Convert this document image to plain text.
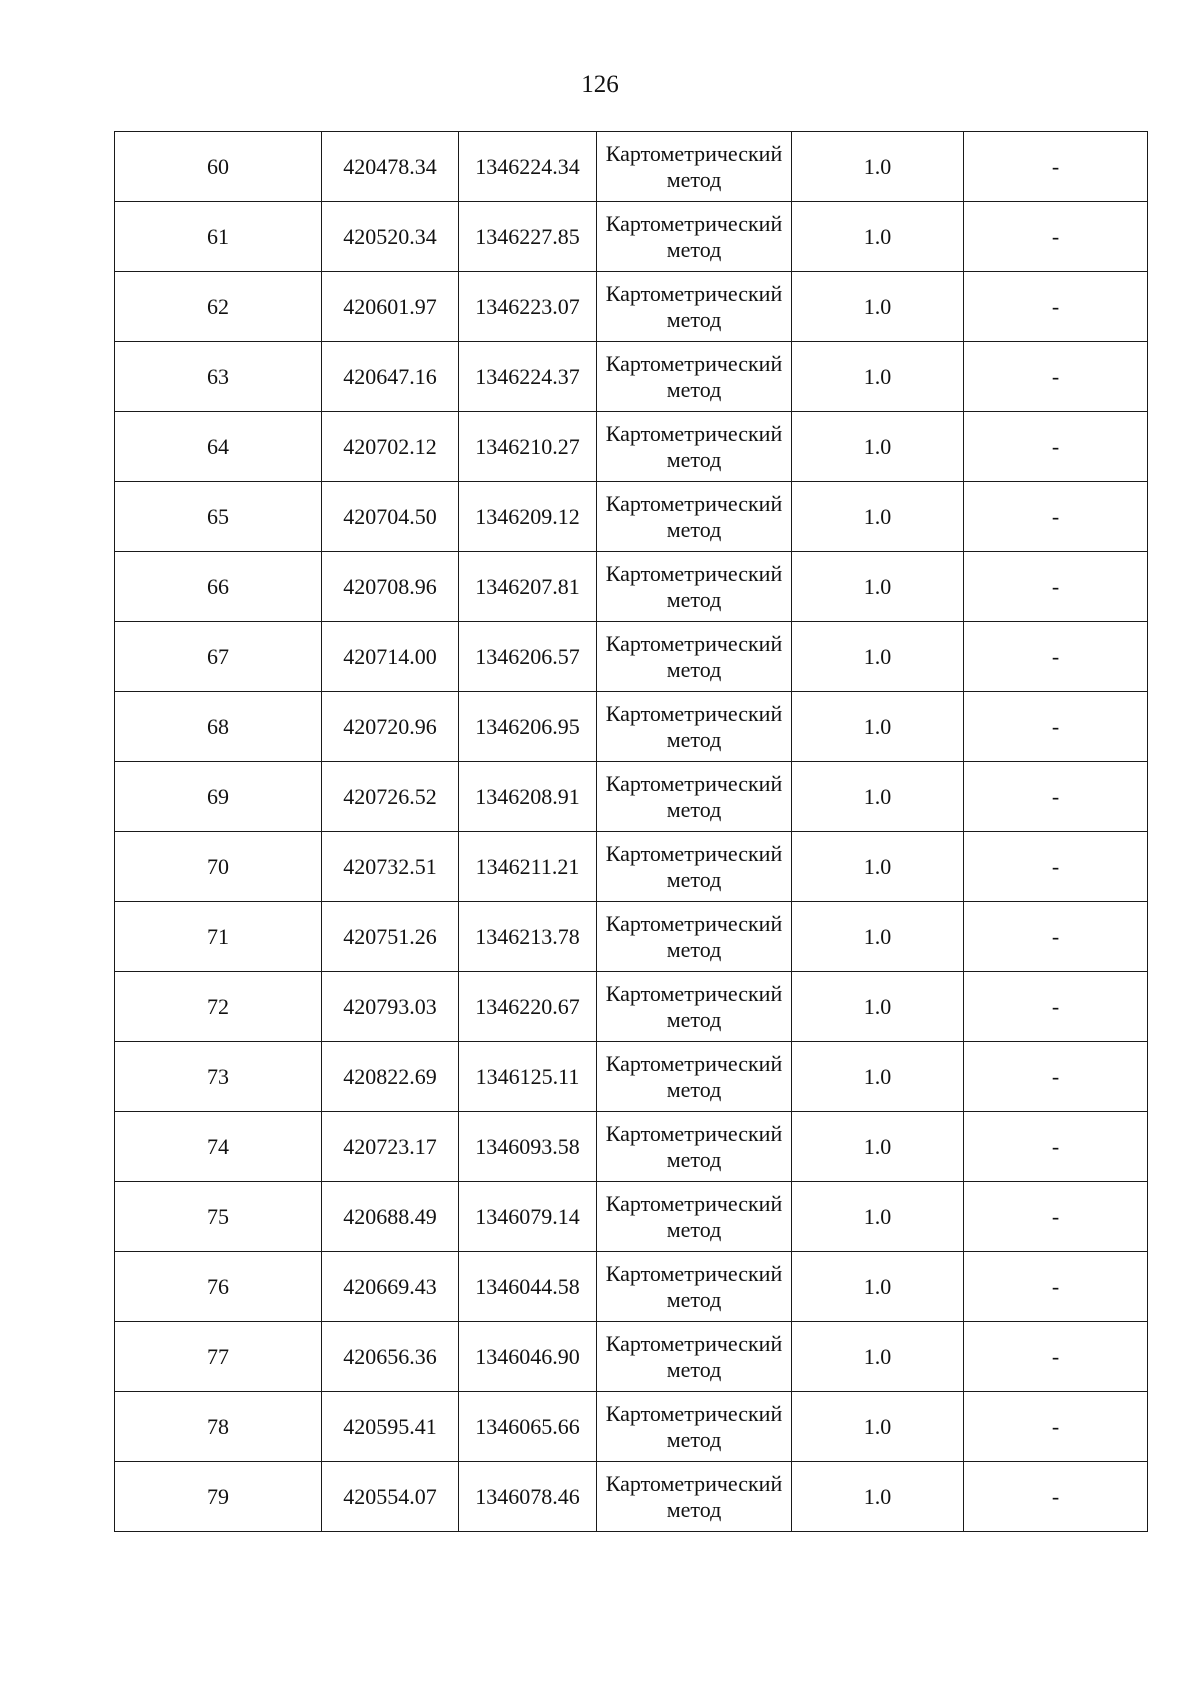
126
60	420478.34	1346224.34	Картометрический метод	1.0	-
61	420520.34	1346227.85	Картометрический метод	1.0	-
62	420601.97	1346223.07	Картометрический метод	1.0	-
63	420647.16	1346224.37	Картометрический метод	1.0	-
64	420702.12	1346210.27	Картометрический метод	1.0	-
65	420704.50	1346209.12	Картометрический метод	1.0	-
66	420708.96	1346207.81	Картометрический метод	1.0	-
67	420714.00	1346206.57	Картометрический метод	1.0	-
68	420720.96	1346206.95	Картометрический метод	1.0	-
69	420726.52	1346208.91	Картометрический метод	1.0	-
70	420732.51	1346211.21	Картометрический метод	1.0	-
71	420751.26	1346213.78	Картометрический метод	1.0	-
72	420793.03	1346220.67	Картометрический метод	1.0	-
73	420822.69	1346125.11	Картометрический метод	1.0	-
74	420723.17	1346093.58	Картометрический метод	1.0	-
75	420688.49	1346079.14	Картометрический метод	1.0	-
76	420669.43	1346044.58	Картометрический метод	1.0	-
77	420656.36	1346046.90	Картометрический метод	1.0	-
78	420595.41	1346065.66	Картометрический метод	1.0	-
79	420554.07	1346078.46	Картометрический метод	1.0	-
